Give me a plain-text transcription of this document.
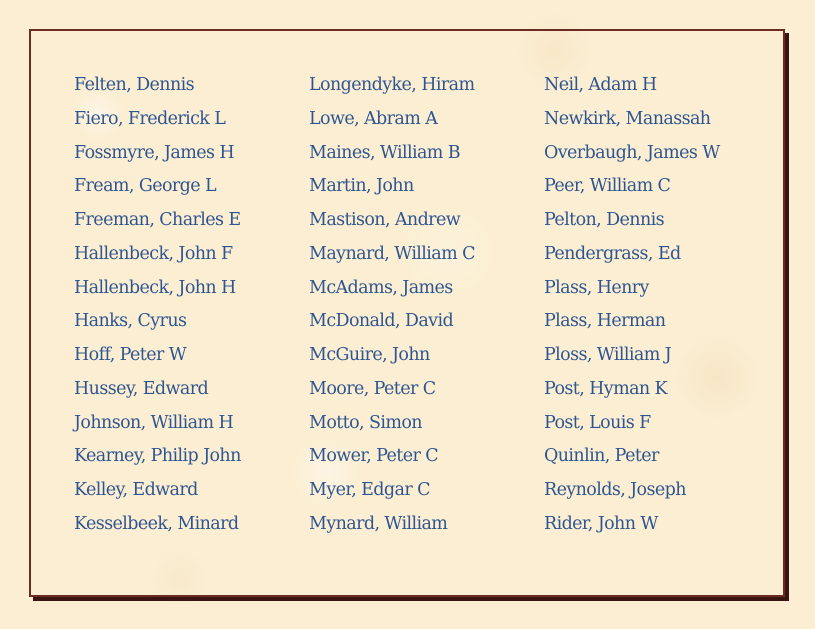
Felten, Dennis
Fiero, Frederick L
Fossmyre, James H
Fream, George L
Freeman, Charles E
Hallenbeck, John F
Hallenbeck, John H
Hanks, Cyrus
Hoff, Peter W
Hussey, Edward
Johnson, William H
Kearney, Philip John
Kelley, Edward
Kesselbeek, Minard
Longendyke, Hiram
Lowe, Abram A
Maines, William B
Martin, John
Mastison, Andrew
Maynard, William C
McAdams, James
McDonald, David
McGuire, John
Moore, Peter C
Motto, Simon
Mower, Peter C
Myer, Edgar C
Mynard, William
Neil, Adam H
Newkirk, Manassah
Overbaugh, James W
Peer, William C
Pelton, Dennis
Pendergrass, Ed
Plass, Henry
Plass, Herman
Ploss, William J
Post, Hyman K
Post, Louis F
Quinlin, Peter
Reynolds, Joseph
Rider, John W
